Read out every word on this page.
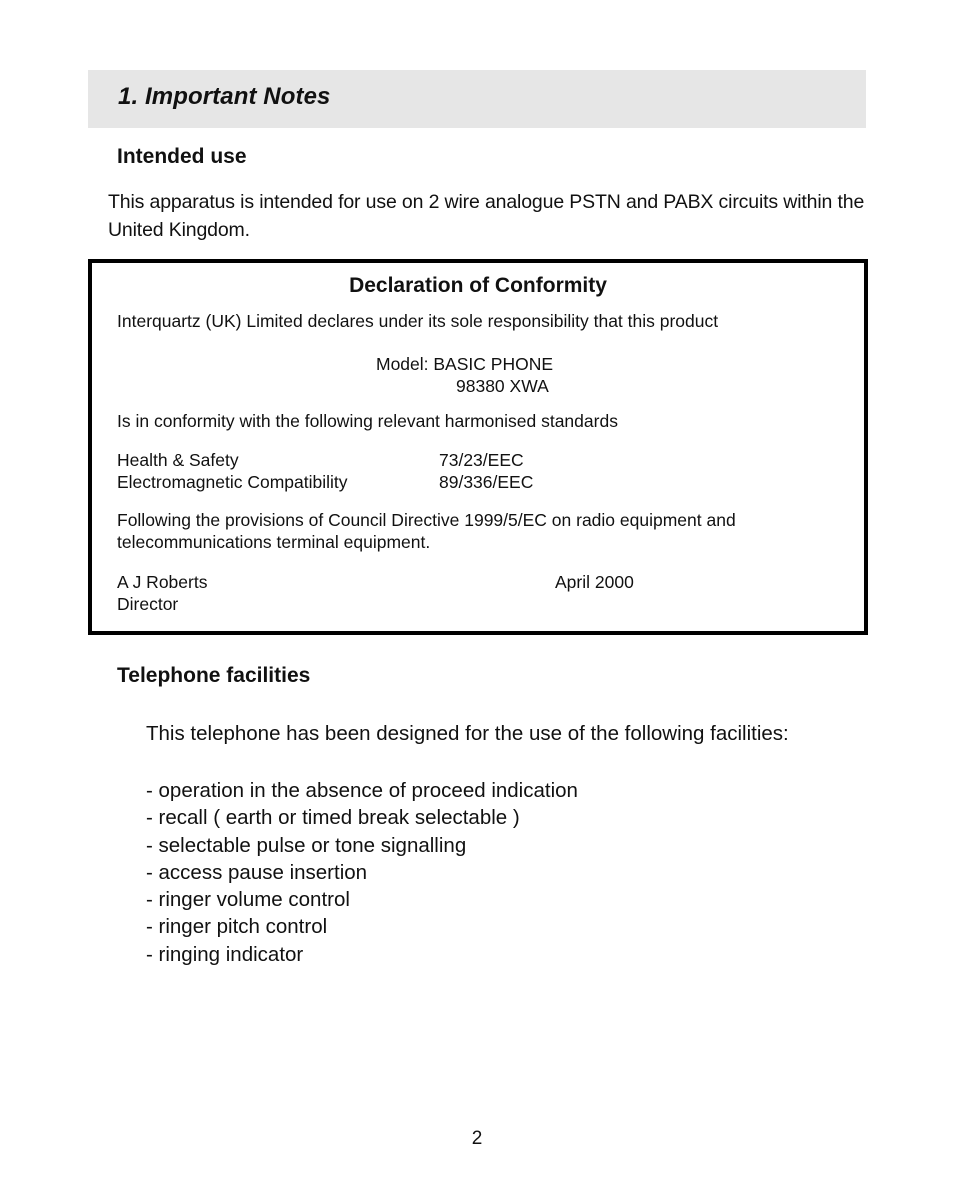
1. Important Notes
Intended use

This apparatus is intended for use on 2 wire analogue PSTN and PABX circuits within the United Kingdom.

Declaration of Conformity

Interquartz (UK) Limited declares under its sole responsibility that this product

Model: BASIC PHONE
98380 XWA

Is in conformity with the following relevant harmonised standards

Health & Safety	73/23/EEC
Electromagnetic Compatibility	89/336/EEC

Following the provisions of Council Directive 1999/5/EC on radio equipment and telecommunications terminal equipment.

A J Roberts	April 2000
Director
Telephone facilities

This telephone has been designed for the use of the following facilities:

- operation in the absence of proceed indication
- recall ( earth or timed break selectable )
- selectable pulse or tone signalling
- access pause insertion
- ringer volume control
- ringer pitch control
- ringing indicator
2
